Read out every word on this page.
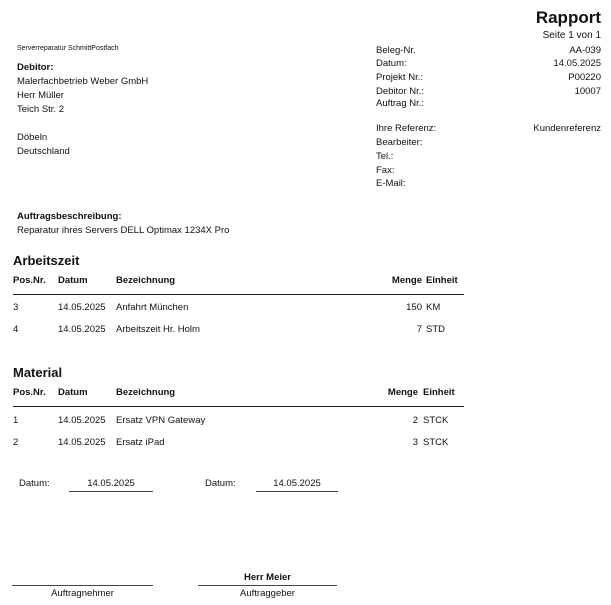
Rapport
Seite 1 von 1
Serverreparatur SchmittPostfach
Debitor:
Malerfachbetrieb Weber GmbH
Herr Müller
Teich Str. 2
Döbeln
Deutschland
Beleg-Nr.	AA-039
Datum:	14.05.2025
Projekt Nr.:	P00220
Debitor Nr.:	10007
Auftrag Nr.:
Ihre Referenz:	Kundenreferenz
Bearbeiter:
Tel.:
Fax:
E-Mail:
Auftragsbeschreibung:
Reparatur ihres Servers DELL Optimax 1234X Pro
Arbeitszeit
Pos.Nr. Datum	Bezeichnung	Menge Einheit
3	14.05.2025 Anfahrt München	150 KM
4	14.05.2025 Arbeitszeit Hr. Holm	7 STD
Material
Pos.Nr. Datum	Bezeichnung	Menge Einheit
1	14.05.2025 Ersatz VPN Gateway	2 STCK
2	14.05.2025 Ersatz iPad	3 STCK
Datum:	14.05.2025	Datum:	14.05.2025
Auftragnehmer
Herr Meier
Auftraggeber
